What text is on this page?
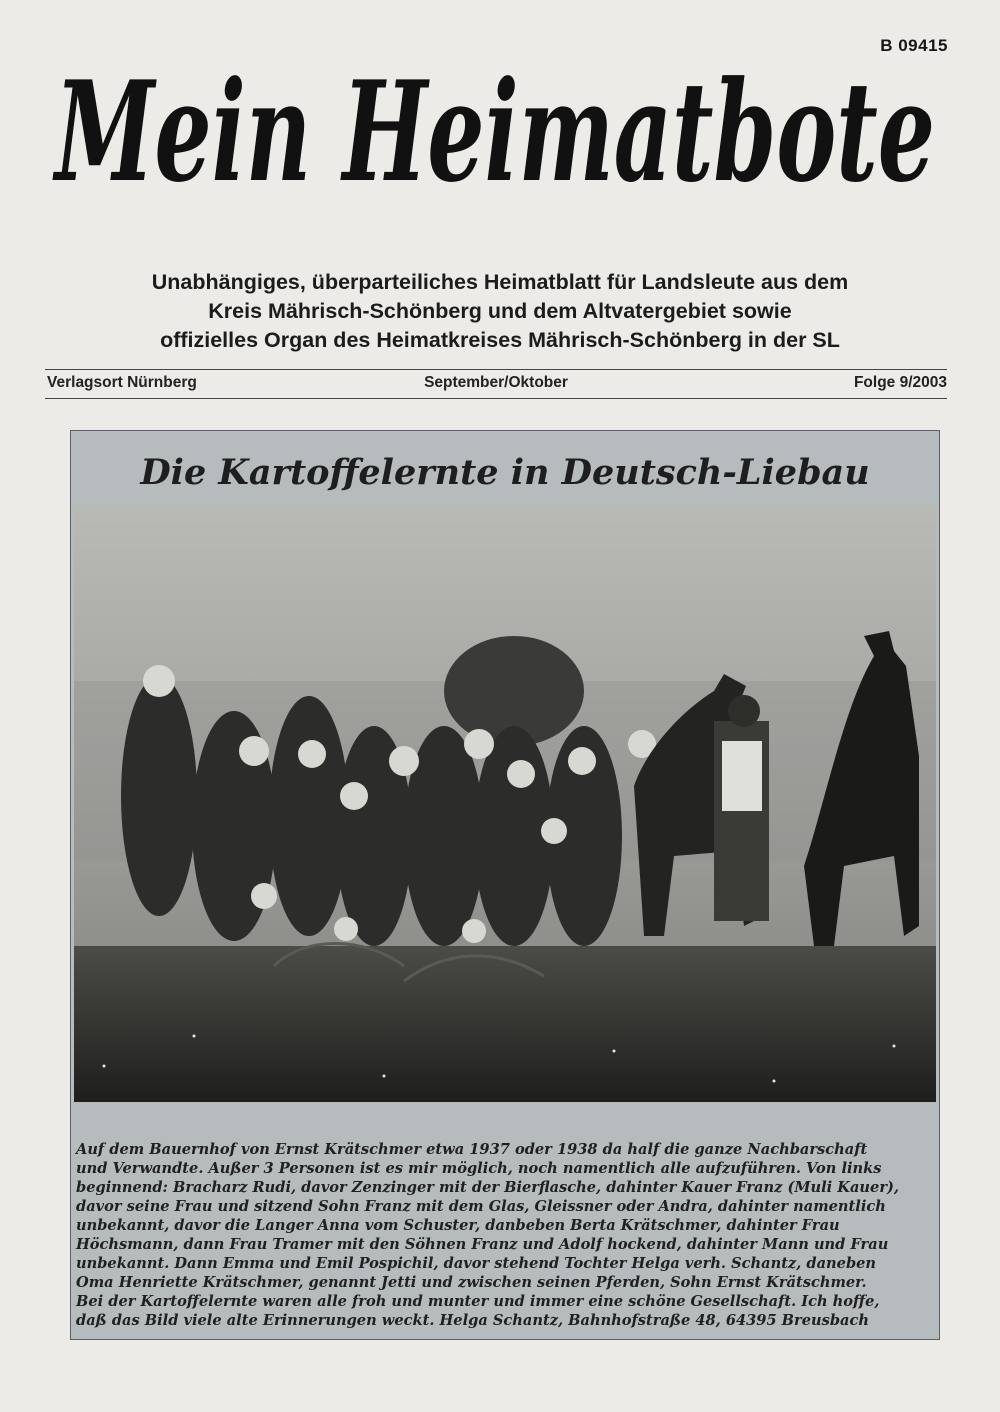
B 09415
Mein Heimatbote
Unabhängiges, überparteiliches Heimatblatt für Landsleute aus dem
Kreis Mährisch-Schönberg und dem Altvatergebiet sowie
offizielles Organ des Heimatkreises Mährisch-Schönberg in der SL
September/Oktober
Verlagsort Nürnberg	Folge 9/2003
Die Kartoffelernte in Deutsch-Liebau
Auf dem Bauernhof von Ernst Krätschmer etwa 1937 oder 1938 da half die ganze Nachbarschaft
und Verwandte. Außer 3 Personen ist es mir möglich, noch namentlich alle aufzuführen. Von links
beginnend: Bracharz Rudi, davor Zenzinger mit der Bierflasche, dahinter Kauer Franz (Muli Kauer),
davor seine Frau und sitzend Sohn Franz mit dem Glas, Gleissner oder Andra, dahinter namentlich
unbekannt, davor die Langer Anna vom Schuster, danbeben Berta Krätschmer, dahinter Frau
Höchsmann, dann Frau Tramer mit den Söhnen Franz und Adolf hockend, dahinter Mann und Frau
unbekannt. Dann Emma und Emil Pospichil, davor stehend Tochter Helga verh. Schantz, daneben
Oma Henriette Krätschmer, genannt Jetti und zwischen seinen Pferden, Sohn Ernst Krätschmer.
Bei der Kartoffelernte waren alle froh und munter und immer eine schöne Gesellschaft. Ich hoffe,
daß das Bild viele alte Erinnerungen weckt. Helga Schantz, Bahnhofstraße 48, 64395 Breusbach
